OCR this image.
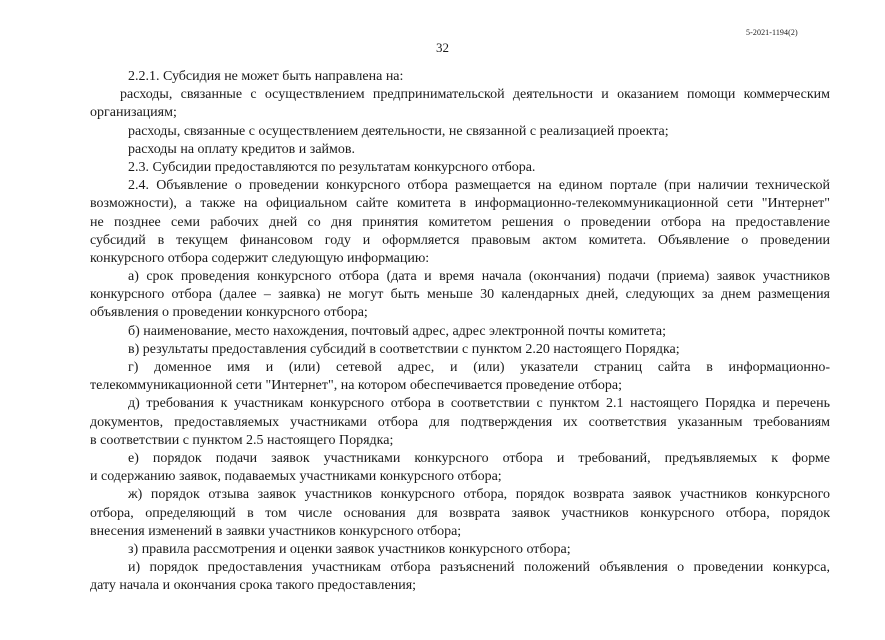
5-2021-1194(2)
32
2.2.1. Субсидия не может быть направлена на:
расходы, связанные с осуществлением предпринимательской деятельности и оказанием помощи коммерческим
организациям;
расходы, связанные с осуществлением деятельности, не связанной с реализацией проекта;
расходы на оплату кредитов и займов.
2.3. Субсидии предоставляются по результатам конкурсного отбора.
2.4. Объявление о проведении конкурсного отбора размещается на едином портале (при наличии технической
возможности), а также на официальном сайте комитета в информационно-телекоммуникационной сети "Интернет"
не позднее семи рабочих дней со дня принятия комитетом решения о проведении отбора на предоставление
субсидий в текущем финансовом году и оформляется правовым актом комитета. Объявление о проведении
конкурсного отбора содержит следующую информацию:
а) срок проведения конкурсного отбора (дата и время начала (окончания) подачи (приема) заявок участников
конкурсного отбора (далее – заявка) не могут быть меньше 30 календарных дней, следующих за днем размещения
объявления о проведении конкурсного отбора;
б) наименование, место нахождения, почтовый адрес, адрес электронной почты комитета;
в) результаты предоставления субсидий в соответствии с пунктом 2.20 настоящего Порядка;
г) доменное имя и (или) сетевой адрес, и (или) указатели страниц сайта в информационно-
телекоммуникационной сети "Интернет", на котором обеспечивается проведение отбора;
д) требования к участникам конкурсного отбора в соответствии с пунктом 2.1 настоящего Порядка и перечень
документов, предоставляемых участниками отбора для подтверждения их соответствия указанным требованиям
в соответствии с пунктом 2.5 настоящего Порядка;
е) порядок подачи заявок участниками конкурсного отбора и требований, предъявляемых к форме
и содержанию заявок, подаваемых участниками конкурсного отбора;
ж) порядок отзыва заявок участников конкурсного отбора, порядок возврата заявок участников конкурсного
отбора, определяющий в том числе основания для возврата заявок участников конкурсного отбора, порядок
внесения изменений в заявки участников конкурсного отбора;
з) правила рассмотрения и оценки заявок участников конкурсного отбора;
и) порядок предоставления участникам отбора разъяснений положений объявления о проведении конкурса,
дату начала и окончания срока такого предоставления;
